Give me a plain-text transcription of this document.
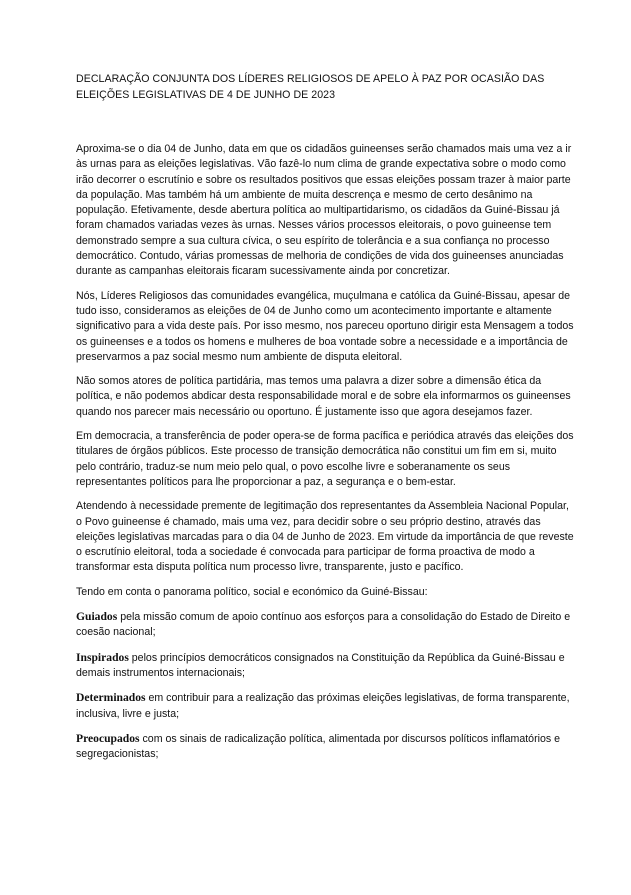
DECLARAÇÃO CONJUNTA DOS LÍDERES RELIGIOSOS DE APELO À PAZ POR OCASIÃO DAS ELEIÇÕES LEGISLATIVAS DE 4 DE JUNHO DE 2023

Aproxima-se o dia 04 de Junho, data em que os cidadãos guineenses serão chamados mais uma vez a ir às urnas para as eleições legislativas. Vão fazê-lo num clima de grande expectativa sobre o modo como irão decorrer o escrutínio e sobre os resultados positivos que essas eleições possam trazer à maior parte da população. Mas também há um ambiente de muita descrença e mesmo de certo desânimo na população. Efetivamente, desde abertura política ao multipartidarismo, os cidadãos da Guiné-Bissau já foram chamados variadas vezes às urnas. Nesses vários processos eleitorais, o povo guineense tem demonstrado sempre a sua cultura cívica, o seu espírito de tolerância e a sua confiança no processo democrático. Contudo, várias promessas de melhoria de condições de vida dos guineenses anunciadas durante as campanhas eleitorais ficaram sucessivamente ainda por concretizar.

Nós, Líderes Religiosos das comunidades evangélica, muçulmana e católica da Guiné-Bissau, apesar de tudo isso, consideramos as eleições de 04 de Junho como um acontecimento importante e altamente significativo para a vida deste país. Por isso mesmo, nos pareceu oportuno dirigir esta Mensagem a todos os guineenses e a todos os homens e mulheres de boa vontade sobre a necessidade e a importância de preservarmos a paz social mesmo num ambiente de disputa eleitoral.

Não somos atores de política partidária, mas temos uma palavra a dizer sobre a dimensão ética da política, e não podemos abdicar desta responsabilidade moral e de sobre ela informarmos os guineenses quando nos parecer mais necessário ou oportuno. É justamente isso que agora desejamos fazer.

Em democracia, a transferência de poder opera-se de forma pacífica e periódica através das eleições dos titulares de órgãos públicos. Este processo de transição democrática não constitui um fim em si, muito pelo contrário, traduz-se num meio pelo qual, o povo escolhe livre e soberanamente os seus representantes políticos para lhe proporcionar a paz, a segurança e o bem-estar.

Atendendo à necessidade premente de legitimação dos representantes da Assembleia Nacional Popular, o Povo guineense é chamado, mais uma vez, para decidir sobre o seu próprio destino, através das eleições legislativas marcadas para o dia 04 de Junho de 2023. Em virtude da importância de que reveste o escrutínio eleitoral, toda a sociedade é convocada para participar de forma proactiva de modo a transformar esta disputa política num processo livre, transparente, justo e pacífico.

Tendo em conta o panorama político, social e económico da Guiné-Bissau:

Guiados pela missão comum de apoio contínuo aos esforços para a consolidação do Estado de Direito e coesão nacional;

Inspirados pelos princípios democráticos consignados na Constituição da República da Guiné-Bissau e demais instrumentos internacionais;

Determinados em contribuir para a realização das próximas eleições legislativas, de forma transparente, inclusiva, livre e justa;

Preocupados com os sinais de radicalização política, alimentada por discursos políticos inflamatórios e segregacionistas;
